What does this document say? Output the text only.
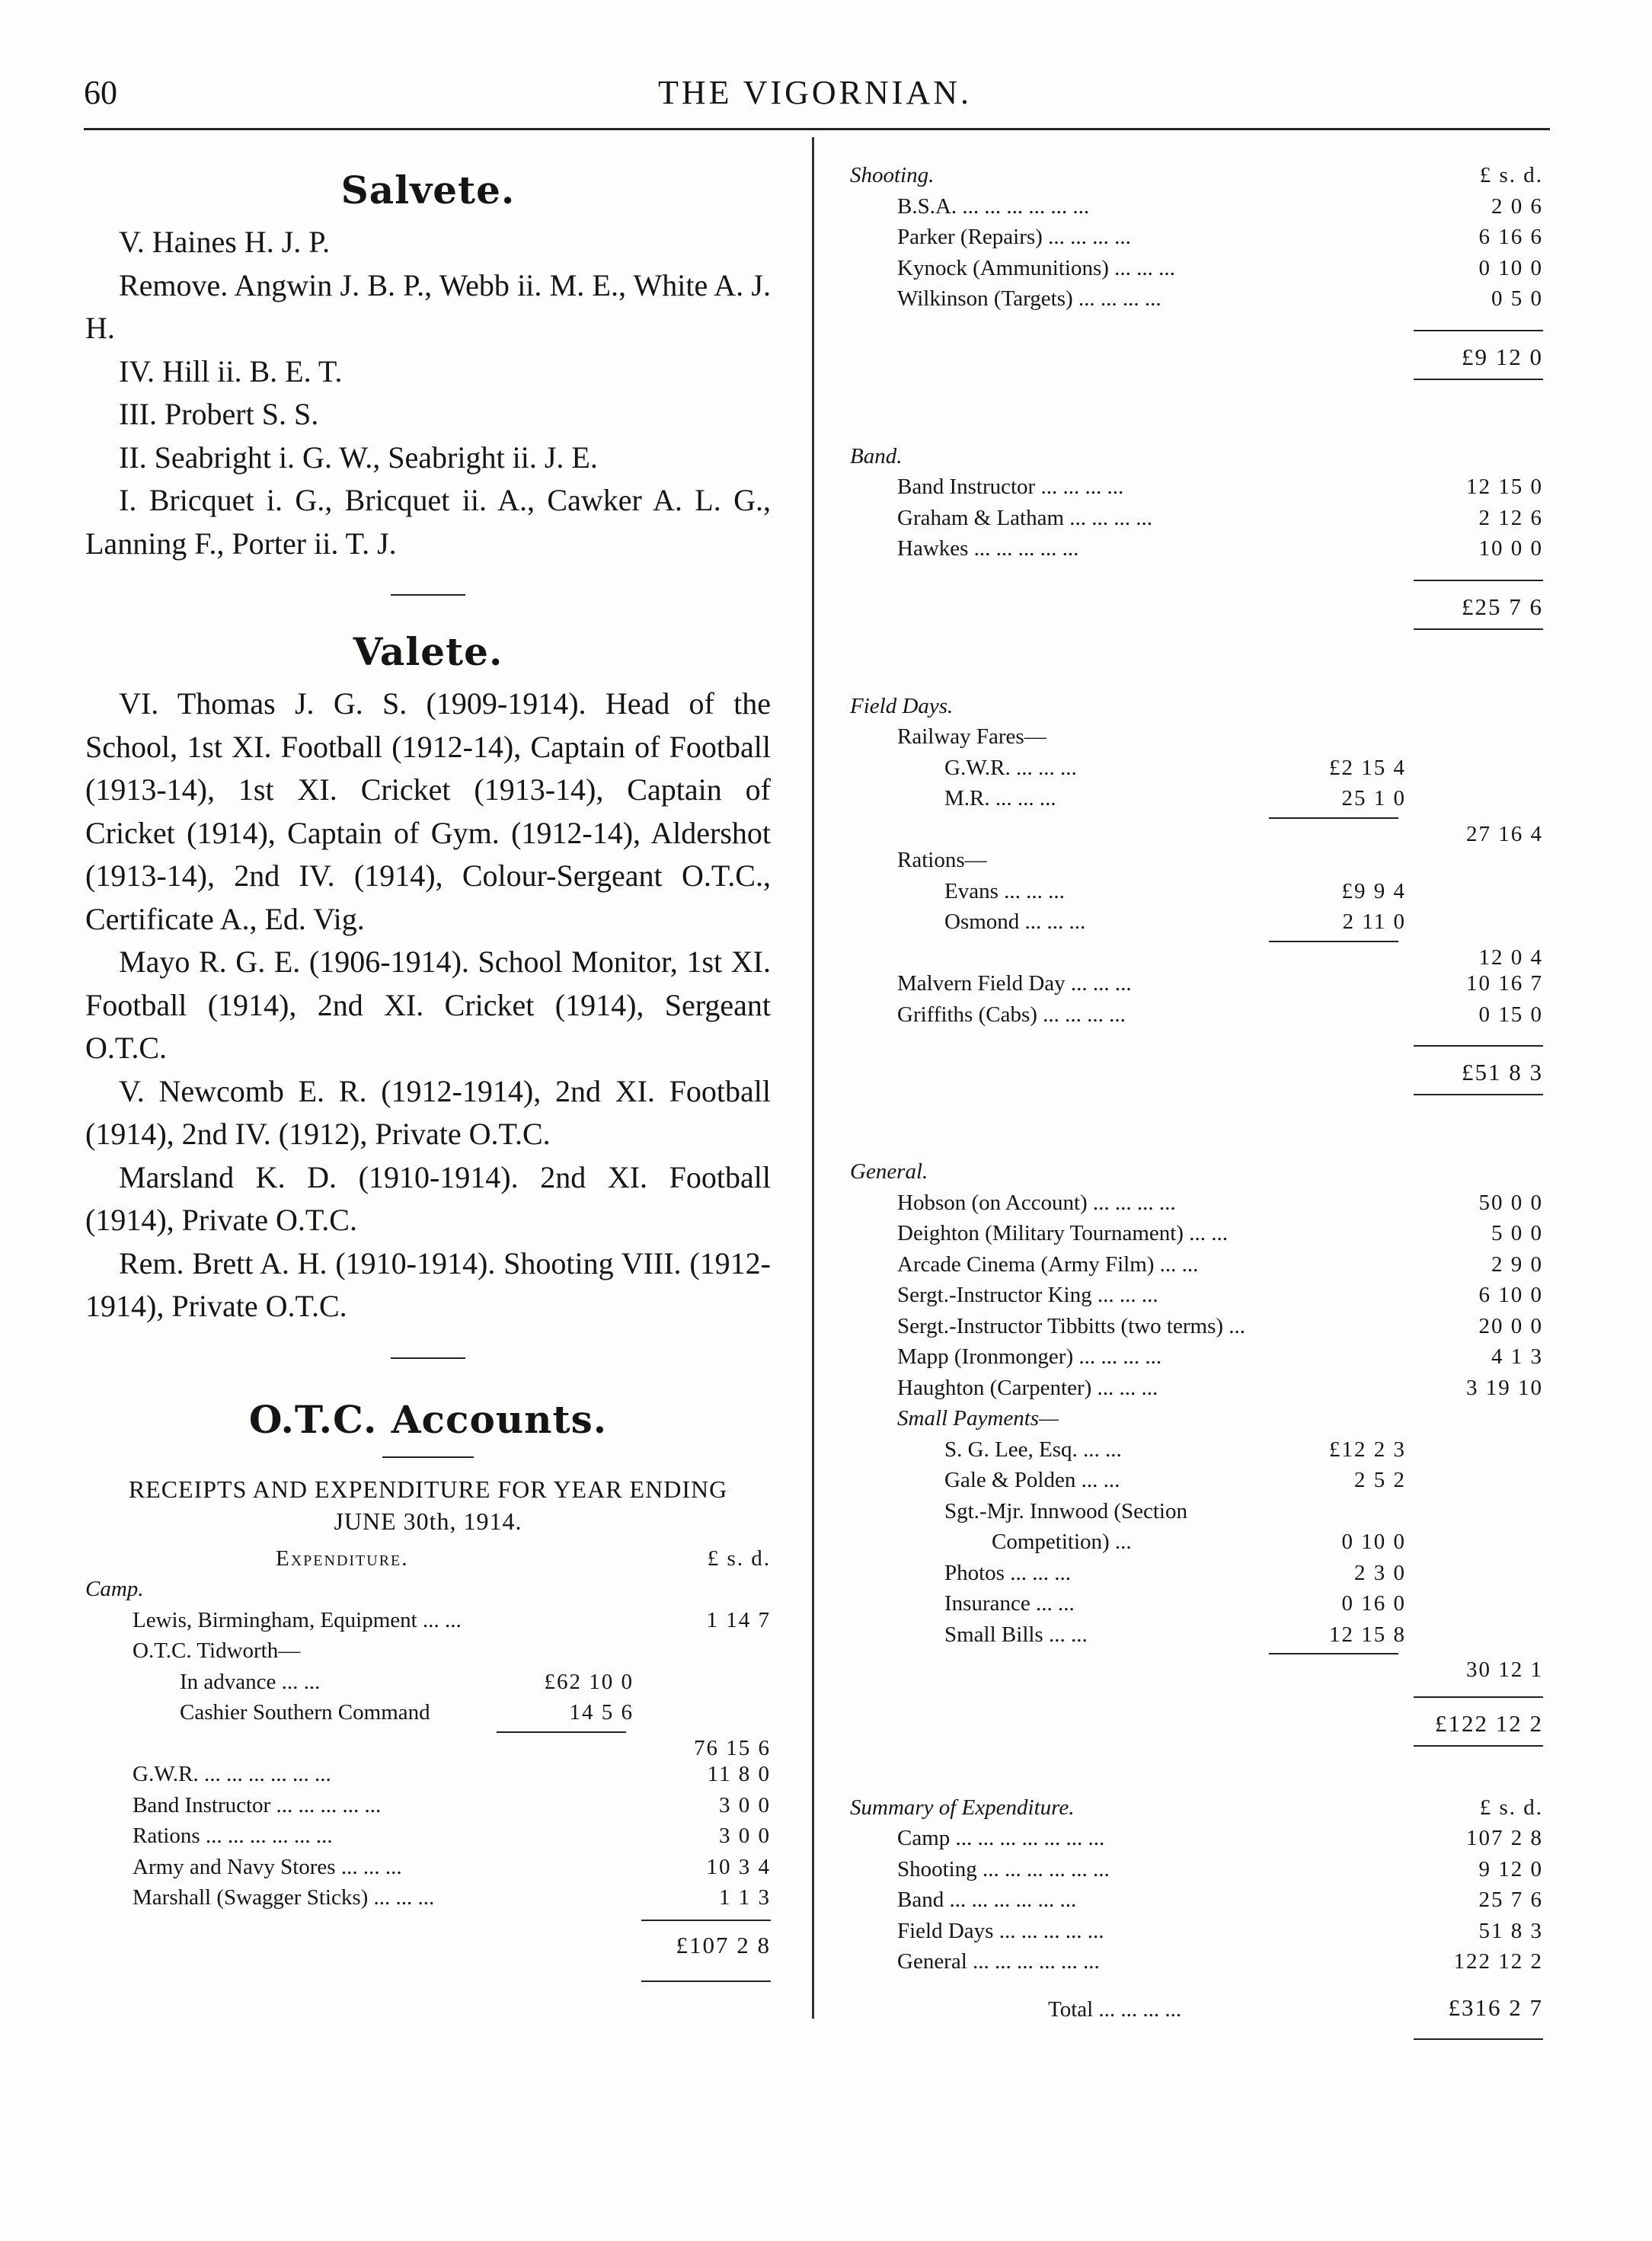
60	THE VIGORNIAN.
Salvete.

V. Haines H. J. P.

Remove. Angwin J. B. P., Webb ii. M. E., White A. J. H.

IV. Hill ii. B. E. T.

III. Probert S. S.

II. Seabright i. G. W., Seabright ii. J. E.

I. Bricquet i. G., Bricquet ii. A., Cawker A. L. G., Lanning F., Porter ii. T. J.

Valete.

VI. Thomas J. G. S. (1909-1914). Head of the School, 1st XI. Football (1912-14), Captain of Football (1913-14), 1st XI. Cricket (1913-14), Captain of Cricket (1914), Captain of Gym. (1912-14), Aldershot (1913-14), 2nd IV. (1914), Colour-Sergeant O.T.C., Certificate A., Ed. Vig.

Mayo R. G. E. (1906-1914). School Monitor, 1st XI. Football (1914), 2nd XI. Cricket (1914), Sergeant O.T.C.

V. Newcomb E. R. (1912-1914), 2nd XI. Football (1914), 2nd IV. (1912), Private O.T.C.

Marsland K. D. (1910-1914). 2nd XI. Football (1914), Private O.T.C.

Rem. Brett A. H. (1910-1914). Shooting VIII. (1912-1914), Private O.T.C.

O.T.C. Accounts.
RECEIPTS AND EXPENDITURE FOR YEAR ENDING
JUNE 30th, 1914.
Expenditure.	£ s. d.
Camp.
Lewis, Birmingham, Equipment ... ...	1 14 7
O.T.C. Tidworth—
In advance ... ...	£62 10 0
Cashier Southern Command	14 5 6
76 15 6
G.W.R. ... ... ... ... ... ...	11 8 0
Band Instructor ... ... ... ... ...	3 0 0
Rations ... ... ... ... ... ...	3 0 0
Army and Navy Stores ... ... ...	10 3 4
Marshall (Swagger Sticks) ... ... ...	1 1 3
£107 2 8
Shooting.	£ s. d.
B.S.A. ... ... ... ... ... ...	2 0 6
Parker (Repairs) ... ... ... ...	6 16 6
Kynock (Ammunitions) ... ... ...	0 10 0
Wilkinson (Targets) ... ... ... ...	0 5 0
£9 12 0
Band.
Band Instructor ... ... ... ...	12 15 0
Graham & Latham ... ... ... ...	2 12 6
Hawkes ... ... ... ... ...	10 0 0
£25 7 6
Field Days.
Railway Fares—
G.W.R. ... ... ...	£2 15 4
M.R. ... ... ...	25 1 0
27 16 4
Rations—
Evans ... ... ...	£9 9 4
Osmond ... ... ...	2 11 0
12 0 4
Malvern Field Day ... ... ...	10 16 7
Griffiths (Cabs) ... ... ... ...	0 15 0
£51 8 3
General.
Hobson (on Account) ... ... ... ...	50 0 0
Deighton (Military Tournament) ... ...	5 0 0
Arcade Cinema (Army Film) ... ...	2 9 0
Sergt.-Instructor King ... ... ...	6 10 0
Sergt.-Instructor Tibbitts (two terms) ...	20 0 0
Mapp (Ironmonger) ... ... ... ...	4 1 3
Haughton (Carpenter) ... ... ...	3 19 10
Small Payments—
S. G. Lee, Esq. ... ...	£12 2 3
Gale & Polden ... ...	2 5 2
Sgt.-Mjr. Innwood (Section
Competition) ...	0 10 0
Photos ... ... ...	2 3 0
Insurance ... ...	0 16 0
Small Bills ... ...	12 15 8
30 12 1
£122 12 2
Summary of Expenditure.	£ s. d.
Camp ... ... ... ... ... ... ...	107 2 8
Shooting ... ... ... ... ... ...	9 12 0
Band ... ... ... ... ... ...	25 7 6
Field Days ... ... ... ... ...	51 8 3
General ... ... ... ... ... ...	122 12 2
Total ... ... ... ...	£316 2 7
